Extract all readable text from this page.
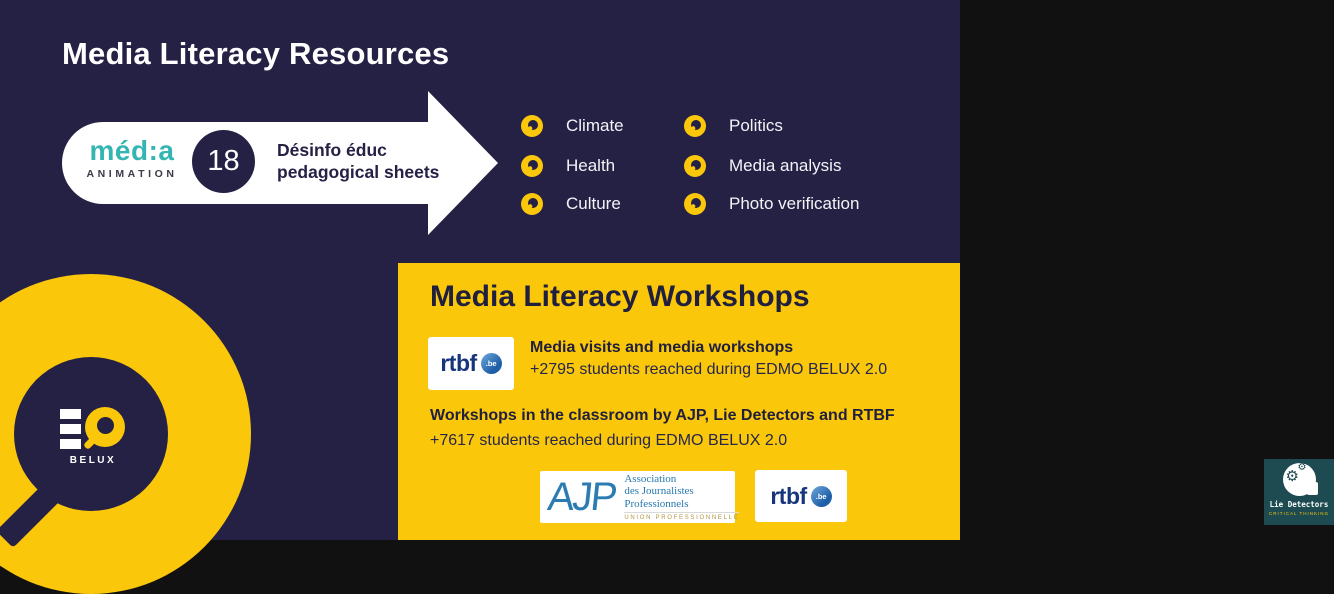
Media Literacy Resources
méd:a
ANIMATION	18 Désinfo éduc
pedagogical sheets
Climate
Health
Culture
Politics
Media analysis
Photo verification
Media Literacy Workshops
rtbf	.be
Media visits and media workshops
+2795 students reached during EDMO BELUX 2.0
Workshops in the classroom by AJP, Lie Detectors and RTBF
+7617 students reached during EDMO BELUX 2.0
AJP Association
des Journalistes
Professionnels
UNION PROFESSIONNELLE
rtbf	.be
⚙
⚙
Lie Detectors
CRITICAL THINKING
BELUX
